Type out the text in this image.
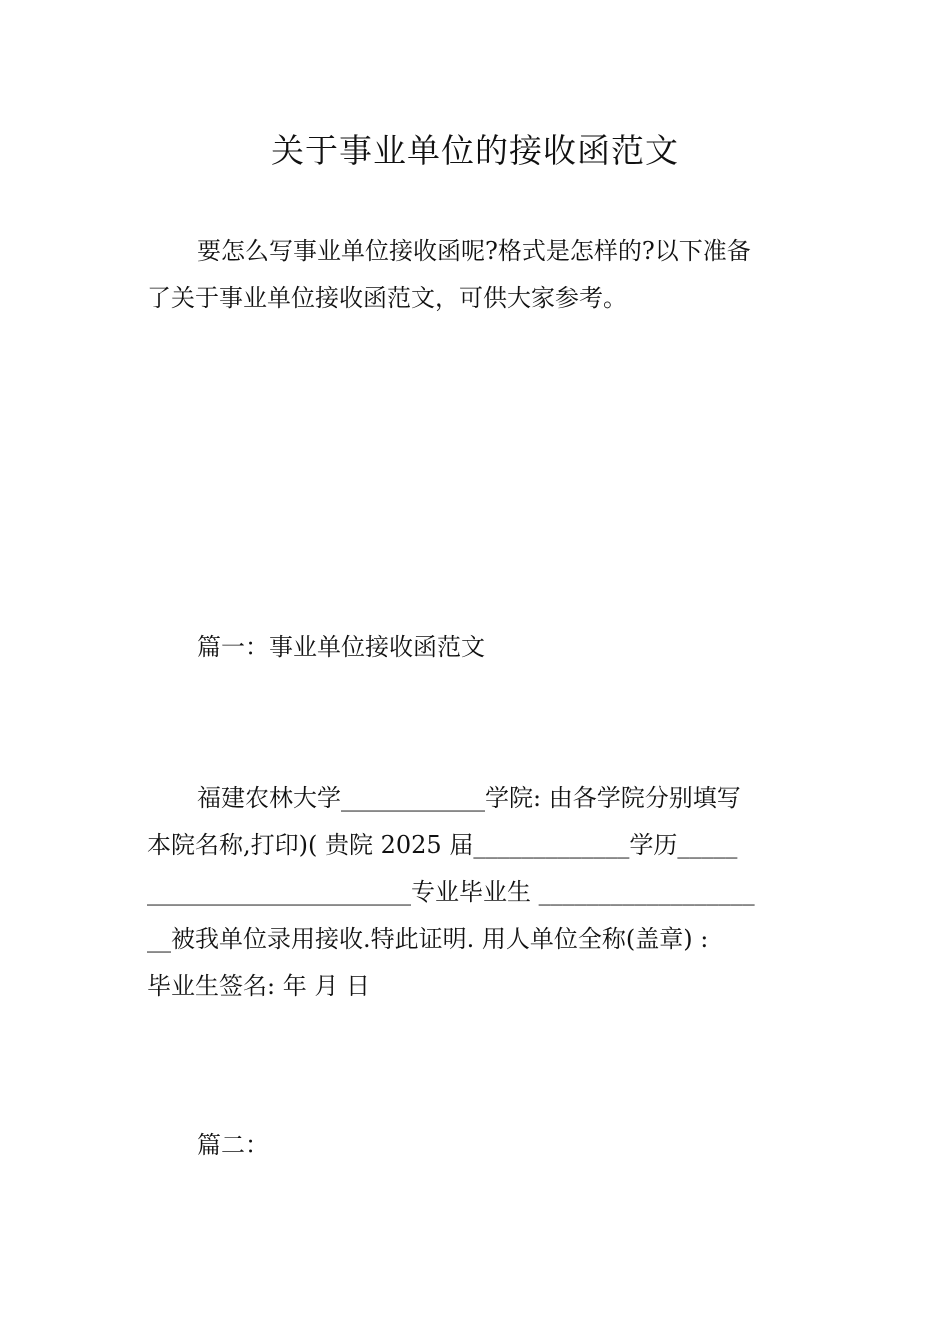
关于事业单位的接收函范文
要怎么写事业单位接收函呢?格式是怎样的?以下准备
了关于事业单位接收函范文，可供大家参考。
篇一：事业单位接收函范文
福建农林大学____________学院: 由各学院分别填写
本院名称,打印)( 贵院 2025 届_____________学历_____
______________________专业毕业生 __________________
__被我单位录用接收.特此证明. 用人单位全称(盖章) :
毕业生签名: 年 月 日
篇二：
